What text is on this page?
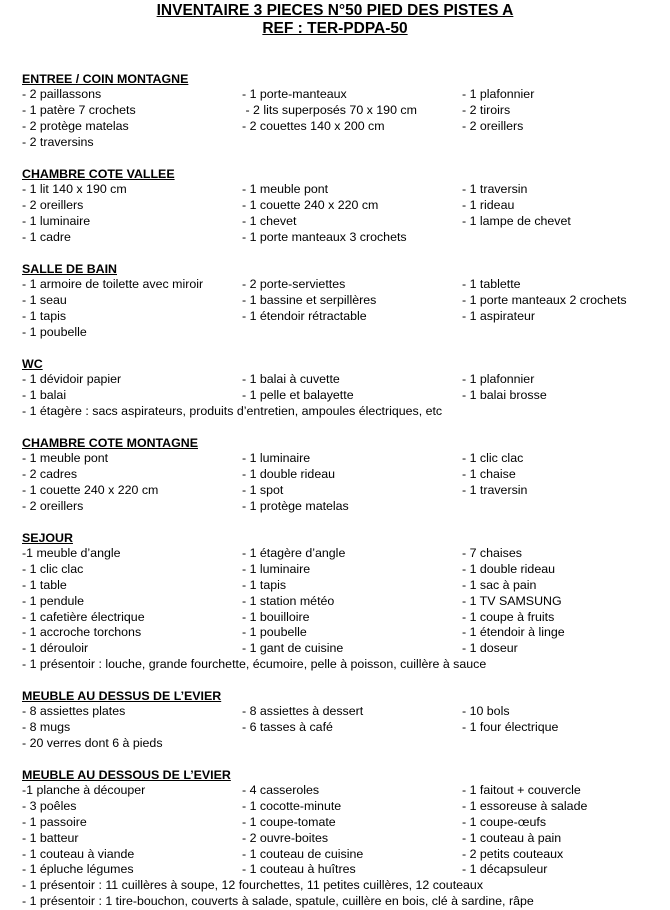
INVENTAIRE 3 PIECES N°50 PIED DES PISTES A
REF : TER-PDPA-50
ENTREE / COIN MONTAGNE
- 2 paillassons	- 1 porte-manteaux	- 1 plafonnier
- 1 patère 7 crochets	- 2 lits superposés 70 x 190 cm	- 2 tiroirs
- 2 protège matelas	- 2 couettes 140 x 200 cm	- 2 oreillers
- 2 traversins
CHAMBRE COTE VALLEE
- 1 lit 140 x 190 cm	- 1 meuble pont	- 1 traversin
- 2 oreillers	- 1 couette 240 x 220 cm	- 1 rideau
- 1 luminaire	- 1 chevet	- 1 lampe de chevet
- 1 cadre	- 1 porte manteaux 3 crochets
SALLE DE BAIN
- 1 armoire de toilette avec miroir	- 2 porte-serviettes	- 1 tablette
- 1 seau	- 1 bassine et serpillères	- 1 porte manteaux 2 crochets
- 1 tapis	- 1 étendoir rétractable	- 1 aspirateur
- 1 poubelle
WC
- 1 dévidoir papier	- 1 balai à cuvette	- 1 plafonnier
- 1 balai	- 1 pelle et balayette	- 1 balai brosse
- 1 étagère : sacs aspirateurs, produits d’entretien, ampoules électriques, etc
CHAMBRE COTE MONTAGNE
- 1 meuble pont	- 1 luminaire	- 1 clic clac
- 2 cadres	- 1 double rideau	- 1 chaise
- 1 couette 240 x 220 cm	- 1 spot	- 1 traversin
- 2 oreillers	- 1 protège matelas
SEJOUR
-1 meuble d’angle	- 1 étagère d’angle	- 7 chaises
- 1 clic clac	- 1 luminaire	- 1 double rideau
- 1 table	- 1 tapis	- 1 sac à pain
- 1 pendule	- 1 station météo	- 1 TV SAMSUNG
- 1 cafetière électrique	- 1 bouilloire	- 1 coupe à fruits
- 1 accroche torchons	- 1 poubelle	- 1 étendoir à linge
- 1 dérouloir	- 1 gant de cuisine	- 1 doseur
- 1 présentoir : louche, grande fourchette, écumoire, pelle à poisson, cuillère à sauce
MEUBLE AU DESSUS DE L’EVIER
- 8 assiettes plates	- 8 assiettes à dessert	- 10 bols
- 8 mugs	- 6 tasses à café	- 1 four électrique
- 20 verres dont 6 à pieds
MEUBLE AU DESSOUS DE L’EVIER
-1 planche à découper	- 4 casseroles	- 1 faitout + couvercle
- 3 poêles	- 1 cocotte-minute	- 1 essoreuse à salade
- 1 passoire	- 1 coupe-tomate	- 1 coupe-œufs
- 1 batteur	- 2 ouvre-boites	- 1 couteau à pain
- 1 couteau à viande	- 1 couteau de cuisine	- 2 petits couteaux
- 1 épluche légumes	- 1 couteau à huîtres	- 1 décapsuleur
- 1 présentoir : 11 cuillères à soupe, 12 fourchettes, 11 petites cuillères, 12 couteaux
- 1 présentoir : 1 tire-bouchon, couverts à salade, spatule, cuillère en bois, clé à sardine, râpe
